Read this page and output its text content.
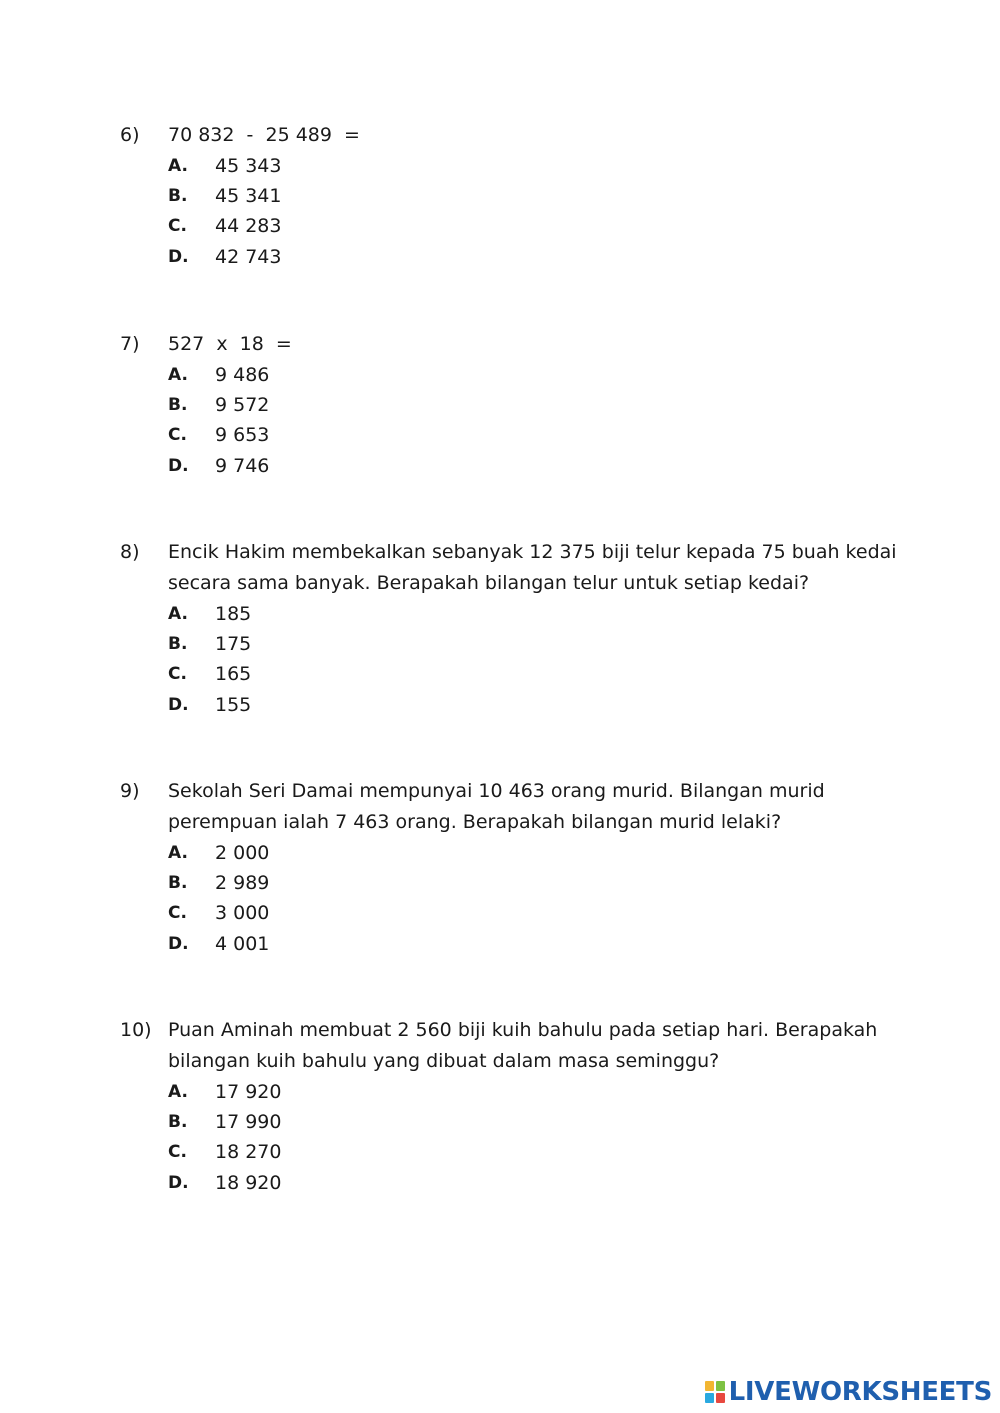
6) 70 832  -  25 489  =
A. 45 343
B. 45 341
C. 44 283
D. 42 743
7) 527  x  18  =
A. 9 486
B. 9 572
C. 9 653
D. 9 746
8) Encik Hakim membekalkan sebanyak 12 375 biji telur kepada 75 buah kedai secara sama banyak. Berapakah bilangan telur untuk setiap kedai?
A. 185
B. 175
C. 165
D. 155
9) Sekolah Seri Damai mempunyai 10 463 orang murid. Bilangan murid perempuan ialah 7 463 orang. Berapakah bilangan murid lelaki?
A. 2 000
B. 2 989
C. 3 000
D. 4 001
10) Puan Aminah membuat 2 560 biji kuih bahulu pada setiap hari. Berapakah bilangan kuih bahulu yang dibuat dalam masa seminggu?
A. 17 920
B. 17 990
C. 18 270
D. 18 920
LIVEWORKSHEETS
